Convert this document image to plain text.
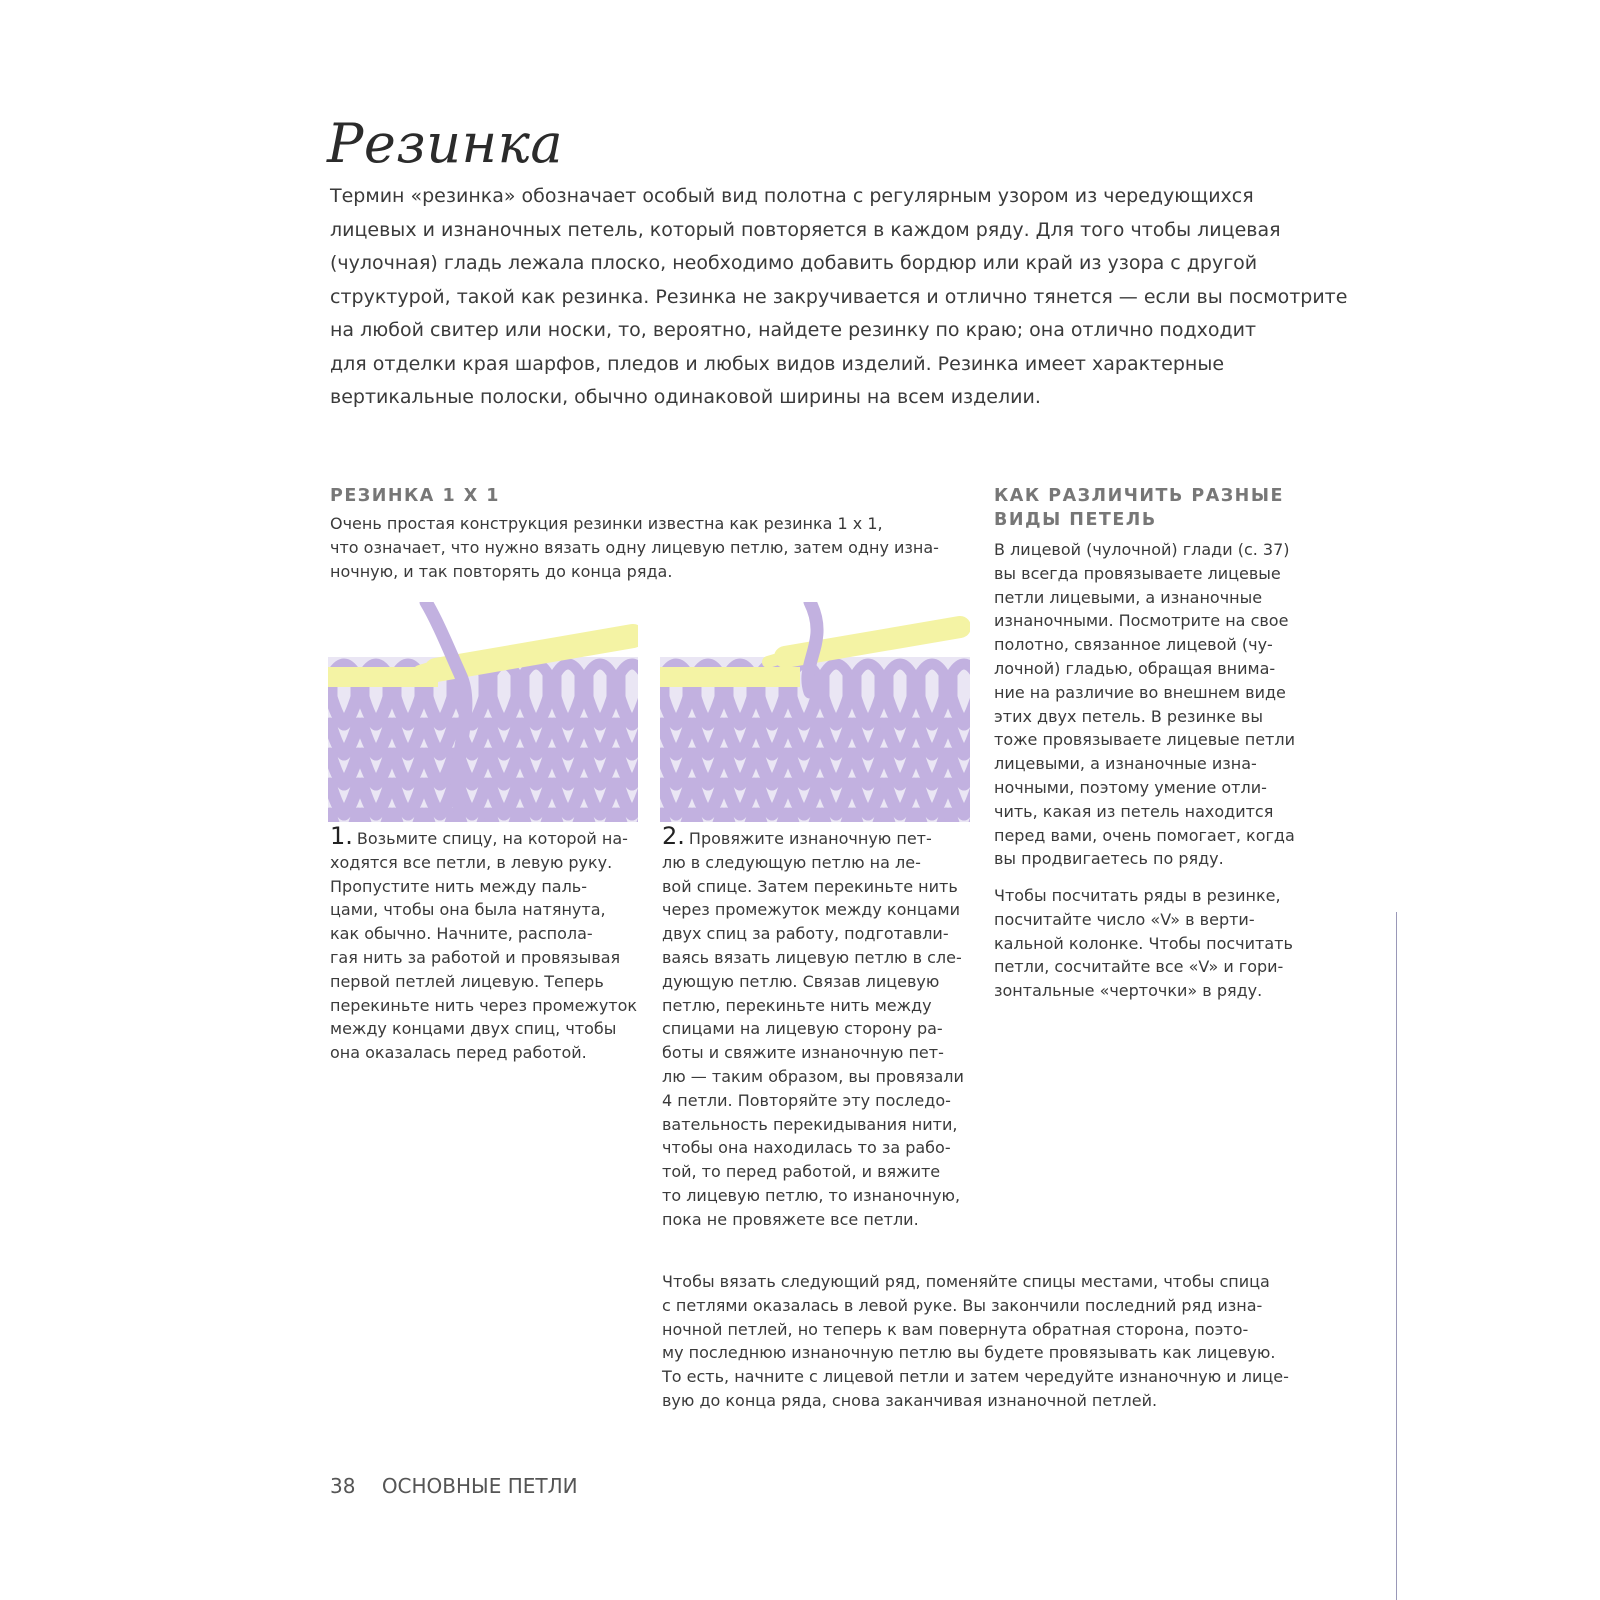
Резинка
Термин «резинка» обозначает особый вид полотна с регулярным узором из чередующихся
лицевых и изнаночных петель, который повторяется в каждом ряду. Для того чтобы лицевая
(чулочная) гладь лежала плоско, необходимо добавить бордюр или край из узора с другой
структурой, такой как резинка. Резинка не закручивается и отлично тянется — если вы посмотрите
на любой свитер или носки, то, вероятно, найдете резинку по краю; она отлично подходит
для отделки края шарфов, пледов и любых видов изделий. Резинка имеет характерные
вертикальные полоски, обычно одинаковой ширины на всем изделии.
РЕЗИНКА 1 X 1
Очень простая конструкция резинки известна как резинка 1 x 1,
что означает, что нужно вязать одну лицевую петлю, затем одну изна-
ночную, и так повторять до конца ряда.
1. Возьмите спицу, на которой на-
ходятся все петли, в левую руку.
Пропустите нить между паль-
цами, чтобы она была натянута,
как обычно. Начните, распола-
гая нить за работой и провязывая
первой петлей лицевую. Теперь
перекиньте нить через промежуток
между концами двух спиц, чтобы
она оказалась перед работой.
2. Провяжите изнаночную пет-
лю в следующую петлю на ле-
вой спице. Затем перекиньте нить
через промежуток между концами
двух спиц за работу, подготавли-
ваясь вязать лицевую петлю в сле-
дующую петлю. Связав лицевую
петлю, перекиньте нить между
спицами на лицевую сторону ра-
боты и свяжите изнаночную пет-
лю — таким образом, вы провязали
4 петли. Повторяйте эту последо-
вательность перекидывания нити,
чтобы она находилась то за рабо-
той, то перед работой, и вяжите
то лицевую петлю, то изнаночную,
пока не провяжете все петли.
КАК РАЗЛИЧИТЬ РАЗНЫЕ
ВИДЫ ПЕТЕЛЬ
В лицевой (чулочной) глади (с. 37)
вы всегда провязываете лицевые
петли лицевыми, а изнаночные
изнаночными. Посмотрите на свое
полотно, связанное лицевой (чу-
лочной) гладью, обращая внима-
ние на различие во внешнем виде
этих двух петель. В резинке вы
тоже провязываете лицевые петли
лицевыми, а изнаночные изна-
ночными, поэтому умение отли-
чить, какая из петель находится
перед вами, очень помогает, когда
вы продвигаетесь по ряду.
Чтобы посчитать ряды в резинке,
посчитайте число «V» в верти-
кальной колонке. Чтобы посчитать
петли, сосчитайте все «V» и гори-
зонтальные «черточки» в ряду.
Чтобы вязать следующий ряд, поменяйте спицы местами, чтобы спица
с петлями оказалась в левой руке. Вы закончили последний ряд изна-
ночной петлей, но теперь к вам повернута обратная сторона, поэто-
му последнюю изнаночную петлю вы будете провязывать как лицевую.
То есть, начните с лицевой петли и затем чередуйте изнаночную и лице-
вую до конца ряда, снова заканчивая изнаночной петлей.
38 ОСНОВНЫЕ ПЕТЛИ
